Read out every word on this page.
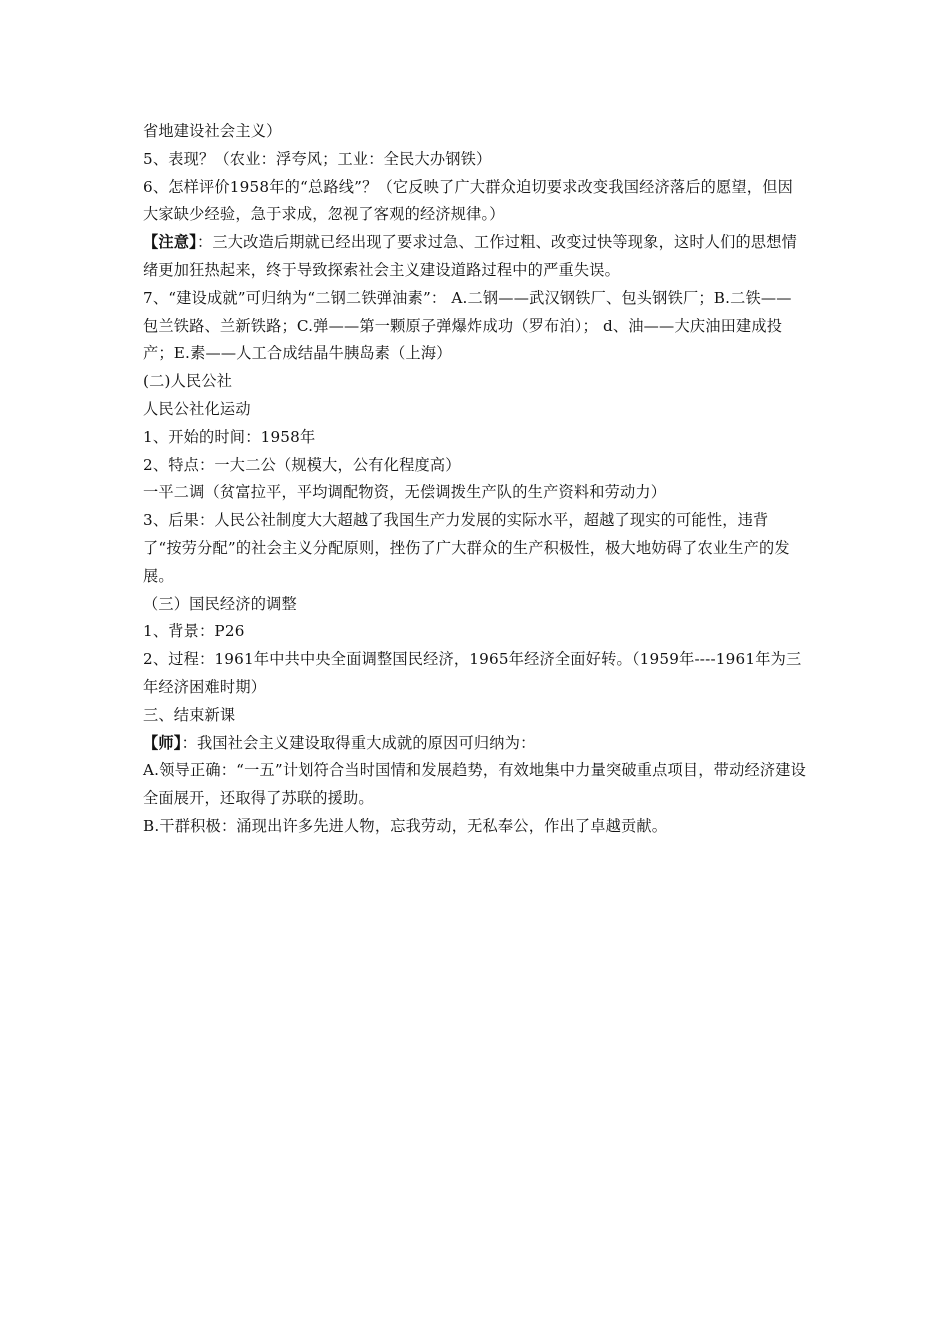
省地建设社会主义）

5、表现？（农业：浮夸风；工业：全民大办钢铁）

6、怎样评价1958年的“总路线”？（它反映了广大群众迫切要求改变我国经济落后的愿望，但因大家缺少经验，急于求成，忽视了客观的经济规律。）

【注意】：三大改造后期就已经出现了要求过急、工作过粗、改变过快等现象，这时人们的思想情绪更加狂热起来，终于导致探索社会主义建设道路过程中的严重失误。

7、“建设成就”可归纳为“二钢二铁弹油素”： A.二钢——武汉钢铁厂、包头钢铁厂；B.二铁——包兰铁路、兰新铁路；C.弹——第一颗原子弹爆炸成功（罗布泊）； d、油——大庆油田建成投产；E.素——人工合成结晶牛胰岛素（上海）

(二)人民公社

人民公社化运动

1、开始的时间：1958年

2、特点：一大二公（规模大，公有化程度高）

一平二调（贫富拉平，平均调配物资，无偿调拨生产队的生产资料和劳动力）

3、后果：人民公社制度大大超越了我国生产力发展的实际水平，超越了现实的可能性，违背了“按劳分配”的社会主义分配原则，挫伤了广大群众的生产积极性，极大地妨碍了农业生产的发展。

（三）国民经济的调整

1、背景：P26

2、过程：1961年中共中央全面调整国民经济，1965年经济全面好转。（1959年----1961年为三年经济困难时期）

三、结束新课

【师】：我国社会主义建设取得重大成就的原因可归纳为：

A.领导正确：“一五”计划符合当时国情和发展趋势，有效地集中力量突破重点项目，带动经济建设全面展开，还取得了苏联的援助。

B.干群积极：涌现出许多先进人物，忘我劳动，无私奉公，作出了卓越贡献。
